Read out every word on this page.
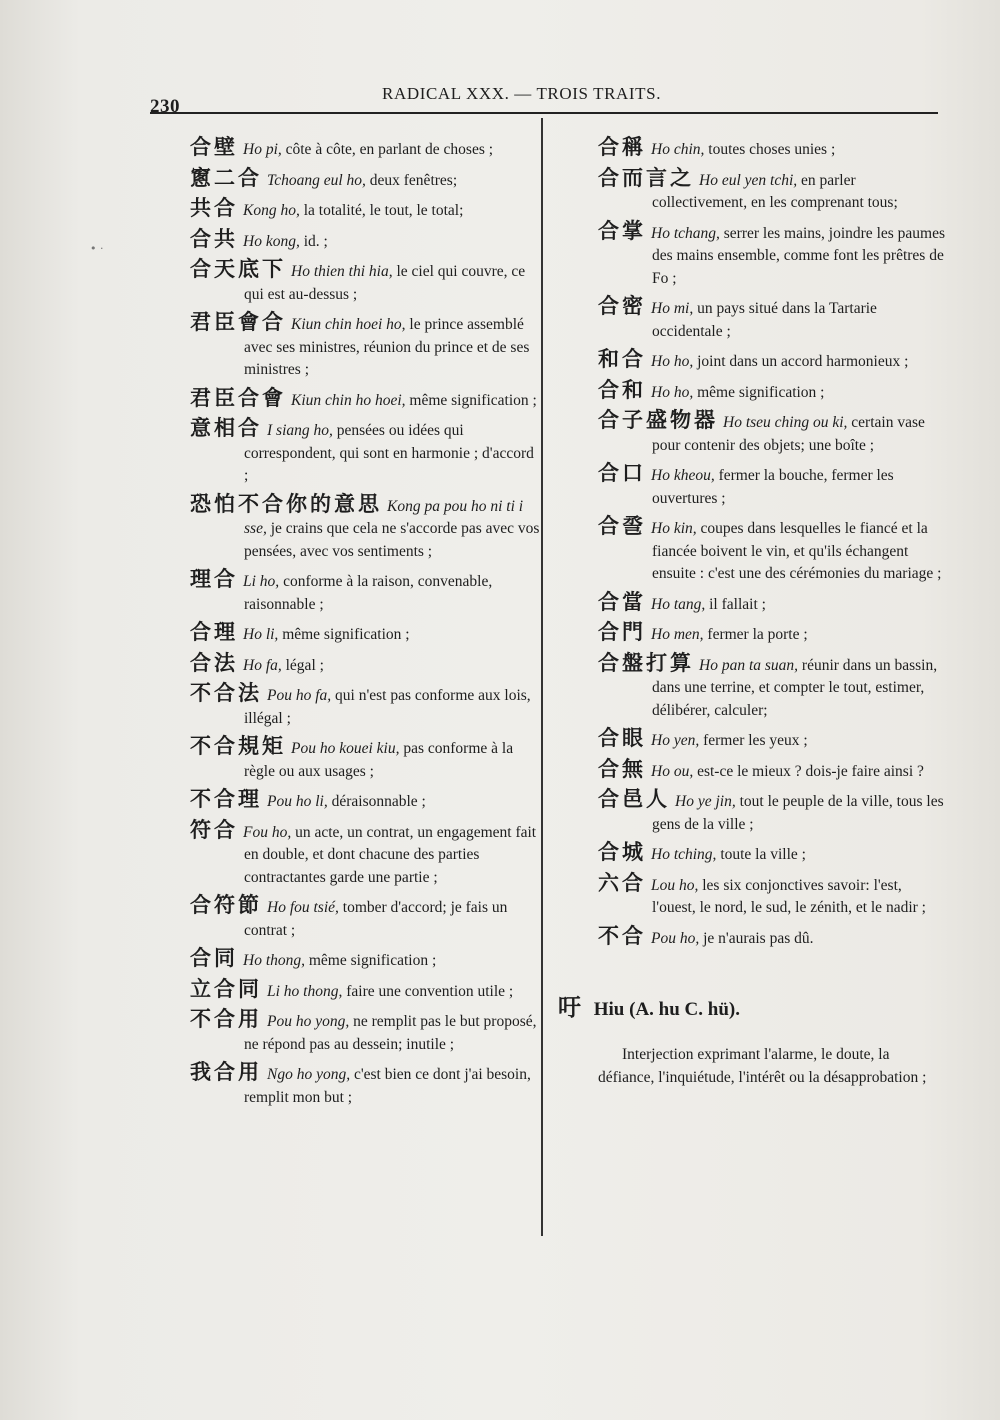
230
RADICAL XXX. — TROIS TRAITS.
• ·
合壁 Ho pi, côte à côte, en parlant de choses ;
窻二合 Tchoang eul ho, deux fenêtres;
共合 Kong ho, la totalité, le tout, le total;
合共 Ho kong, id. ;
合天底下 Ho thien thi hia, le ciel qui couvre, ce qui est au-dessus ;
君臣會合 Kiun chin hoei ho, le prince assemblé avec ses ministres, réunion du prince et de ses ministres ;
君臣合會 Kiun chin ho hoei, même signification ;
意相合 I siang ho, pensées ou idées qui correspondent, qui sont en harmonie ; d'accord ;
恐怕不合你的意思 Kong pa pou ho ni ti i sse, je crains que cela ne s'accorde pas avec vos pensées, avec vos sentiments ;
理合 Li ho, conforme à la raison, convenable, raisonnable ;
合理 Ho li, même signification ;
合法 Ho fa, légal ;
不合法 Pou ho fa, qui n'est pas conforme aux lois, illégal ;
不合規矩 Pou ho kouei kiu, pas conforme à la règle ou aux usages ;
不合理 Pou ho li, déraisonnable ;
符合 Fou ho, un acte, un contrat, un engagement fait en double, et dont chacune des parties contractantes garde une partie ;
合符節 Ho fou tsié, tomber d'accord; je fais un contrat ;
合同 Ho thong, même signification ;
立合同 Li ho thong, faire une convention utile ;
不合用 Pou ho yong, ne remplit pas le but proposé, ne répond pas au dessein; inutile ;
我合用 Ngo ho yong, c'est bien ce dont j'ai besoin, remplit mon but ;
合稱 Ho chin, toutes choses unies ;
合而言之 Ho eul yen tchi, en parler collectivement, en les comprenant tous;
合掌 Ho tchang, serrer les mains, joindre les paumes des mains ensemble, comme font les prêtres de Fo ;
合密 Ho mi, un pays situé dans la Tartarie occidentale ;
和合 Ho ho, joint dans un accord harmonieux ;
合和 Ho ho, même signification ;
合子盛物器 Ho tseu ching ou ki, certain vase pour contenir des objets; une boîte ;
合口 Ho kheou, fermer la bouche, fermer les ouvertures ;
合巹 Ho kin, coupes dans lesquelles le fiancé et la fiancée boivent le vin, et qu'ils échangent ensuite : c'est une des cérémonies du mariage ;
合當 Ho tang, il fallait ;
合門 Ho men, fermer la porte ;
合盤打算 Ho pan ta suan, réunir dans un bassin, dans une terrine, et compter le tout, estimer, délibérer, calculer;
合眼 Ho yen, fermer les yeux ;
合無 Ho ou, est-ce le mieux ? dois-je faire ainsi ?
合邑人 Ho ye jin, tout le peuple de la ville, tous les gens de la ville ;
合城 Ho tching, toute la ville ;
六合 Lou ho, les six conjonctives savoir: l'est, l'ouest, le nord, le sud, le zénith, et le nadir ;
不合 Pou ho, je n'aurais pas dû.
吁 Hiu (A. hu C. hü).
Interjection exprimant l'alarme, le doute, la défiance, l'inquiétude, l'intérêt ou la désapprobation ;
